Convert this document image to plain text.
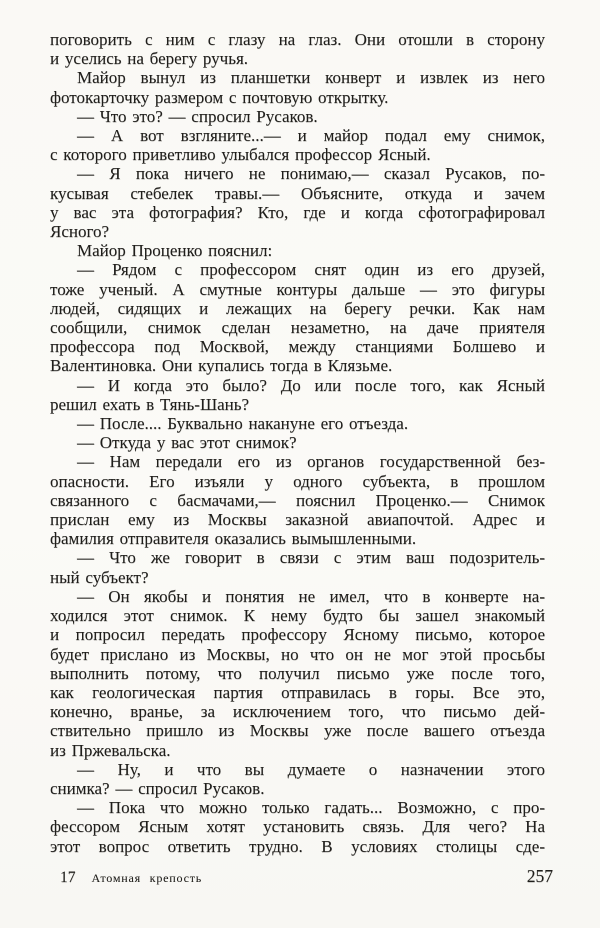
поговорить с ним с глазу на глаз. Они отошли в сторону
и уселись на берегу ручья.
Майор вынул из планшетки конверт и извлек из него
фотокарточку размером с почтовую открытку.
— Что это? — спросил Русаков.
— А вот взгляните...— и майор подал ему снимок,
с которого приветливо улыбался профессор Ясный.
— Я пока ничего не понимаю,— сказал Русаков, по-
кусывая стебелек травы.— Объясните, откуда и зачем
у вас эта фотография? Кто, где и когда сфотографировал
Ясного?
Майор Проценко пояснил:
— Рядом с профессором снят один из его друзей,
тоже ученый. А смутные контуры дальше — это фигуры
людей, сидящих и лежащих на берегу речки. Как нам
сообщили, снимок сделан незаметно, на даче приятеля
профессора под Москвой, между станциями Болшево и
Валентиновка. Они купались тогда в Клязьме.
— И когда это было? До или после того, как Ясный
решил ехать в Тянь-Шань?
— После.... Буквально накануне его отъезда.
— Откуда у вас этот снимок?
— Нам передали его из органов государственной без-
опасности. Его изъяли у одного субъекта, в прошлом
связанного с басмачами,— пояснил Проценко.— Снимок
прислан ему из Москвы заказной авиапочтой. Адрес и
фамилия отправителя оказались вымышленными.
— Что же говорит в связи с этим ваш подозритель-
ный субъект?
— Он якобы и понятия не имел, что в конверте на-
ходился этот снимок. К нему будто бы зашел знакомый
и попросил передать профессору Ясному письмо, которое
будет прислано из Москвы, но что он не мог этой просьбы
выполнить потому, что получил письмо уже после того,
как геологическая партия отправилась в горы. Все это,
конечно, вранье, за исключением того, что письмо дей-
ствительно пришло из Москвы уже после вашего отъезда
из Пржевальска.
— Ну, и что вы думаете о назначении этого
снимка? — спросил Русаков.
— Пока что можно только гадать... Возможно, с про-
фессором Ясным хотят установить связь. Для чего? На
этот вопрос ответить трудно. В условиях столицы сде-
17 Атомная крепость	257
